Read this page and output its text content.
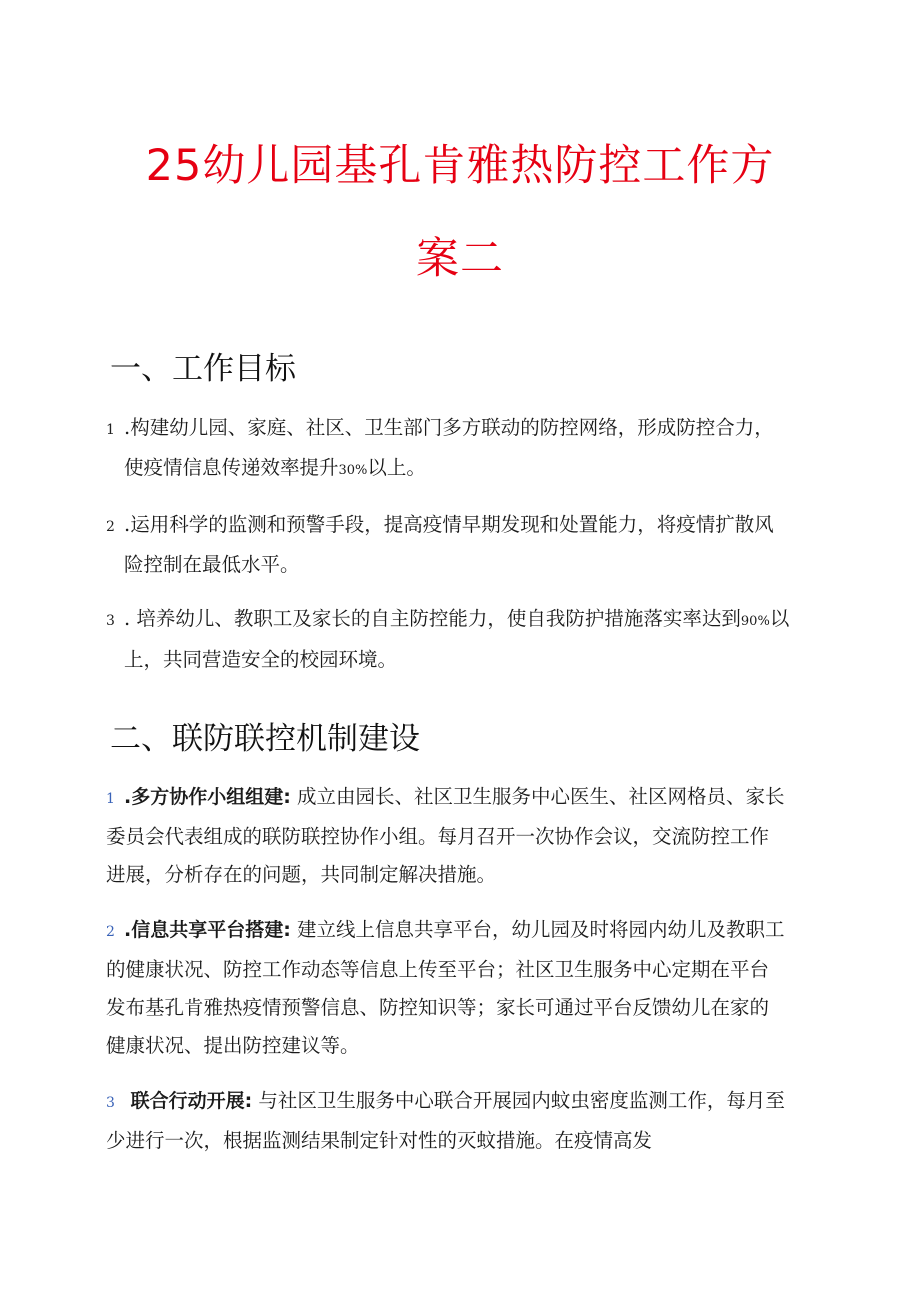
25幼儿园基孔肯雅热防控工作方
案二
一、工作目标

1 .构建幼儿园、家庭、社区、卫生部门多方联动的防控网络，形成防控合力，
使疫情信息传递效率提升30%以上。

2 .运用科学的监测和预警手段，提高疫情早期发现和处置能力，将疫情扩散风
险控制在最低水平。

3 . 培养幼儿、教职工及家长的自主防控能力，使自我防护措施落实率达到90%以
上，共同营造安全的校园环境。

二、联防联控机制建设

1 .多方协作小组组建: 成立由园长、社区卫生服务中心医生、社区网格员、家长
委员会代表组成的联防联控协作小组。每月召开一次协作会议，交流防控工作
进展，分析存在的问题，共同制定解决措施。

2 .信息共享平台搭建: 建立线上信息共享平台，幼儿园及时将园内幼儿及教职工
的健康状况、防控工作动态等信息上传至平台；社区卫生服务中心定期在平台
发布基孔肯雅热疫情预警信息、防控知识等；家长可通过平台反馈幼儿在家的
健康状况、提出防控建议等。

3 联合行动开展: 与社区卫生服务中心联合开展园内蚊虫密度监测工作，每月至
少进行一次，根据监测结果制定针对性的灭蚊措施。在疫情高发
